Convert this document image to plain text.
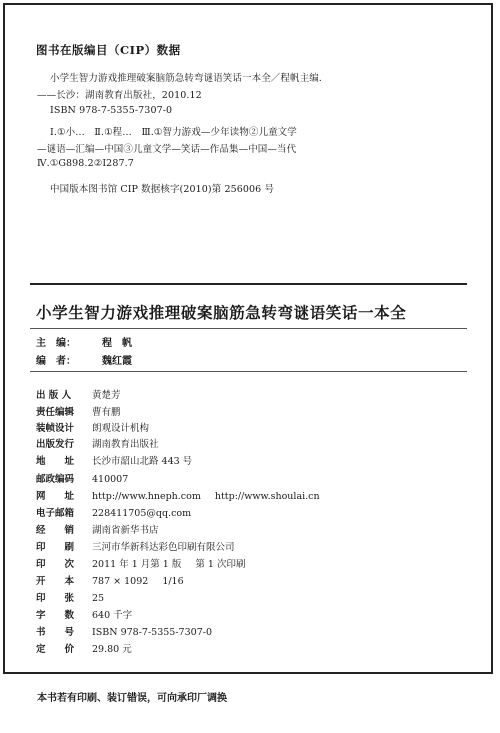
图书在版编目（CIP）数据
小学生智力游戏推理破案脑筋急转弯谜语笑话一本全／程帆主编.
——长沙：湖南教育出版社，2010.12
ISBN 978-7-5355-7307-0
Ⅰ.①小…　Ⅱ.①程…　Ⅲ.①智力游戏—少年读物②儿童文学
—谜语—汇编—中国③儿童文学—笑话—作品集—中国—当代
Ⅳ.①G898.2②I287.7
中国版本图书馆 CIP 数据核字(2010)第 256006 号
小学生智力游戏推理破案脑筋急转弯谜语笑话一本全
主　编：	程　帆
编　者：	魏红霞
出 版 人 黄楚芳
责任编辑 曹有鹏
装帧设计 朗观设计机构
出版发行 湖南教育出版社
地　　址 长沙市韶山北路 443 号
邮政编码 410007
网　　址 http://www.hneph.com http://www.shoulai.cn
电子邮箱 228411705@qq.com
经　　销 湖南省新华书店
印　　刷 三河市华新科达彩色印刷有限公司
印　　次 2011 年 1 月第 1 版 第 1 次印刷
开　　本 787 × 1092 1/16
印　　张 25
字　　数 640 千字
书　　号 ISBN 978-7-5355-7307-0
定　　价 29.80 元
本书若有印刷、装订错误，可向承印厂调换
